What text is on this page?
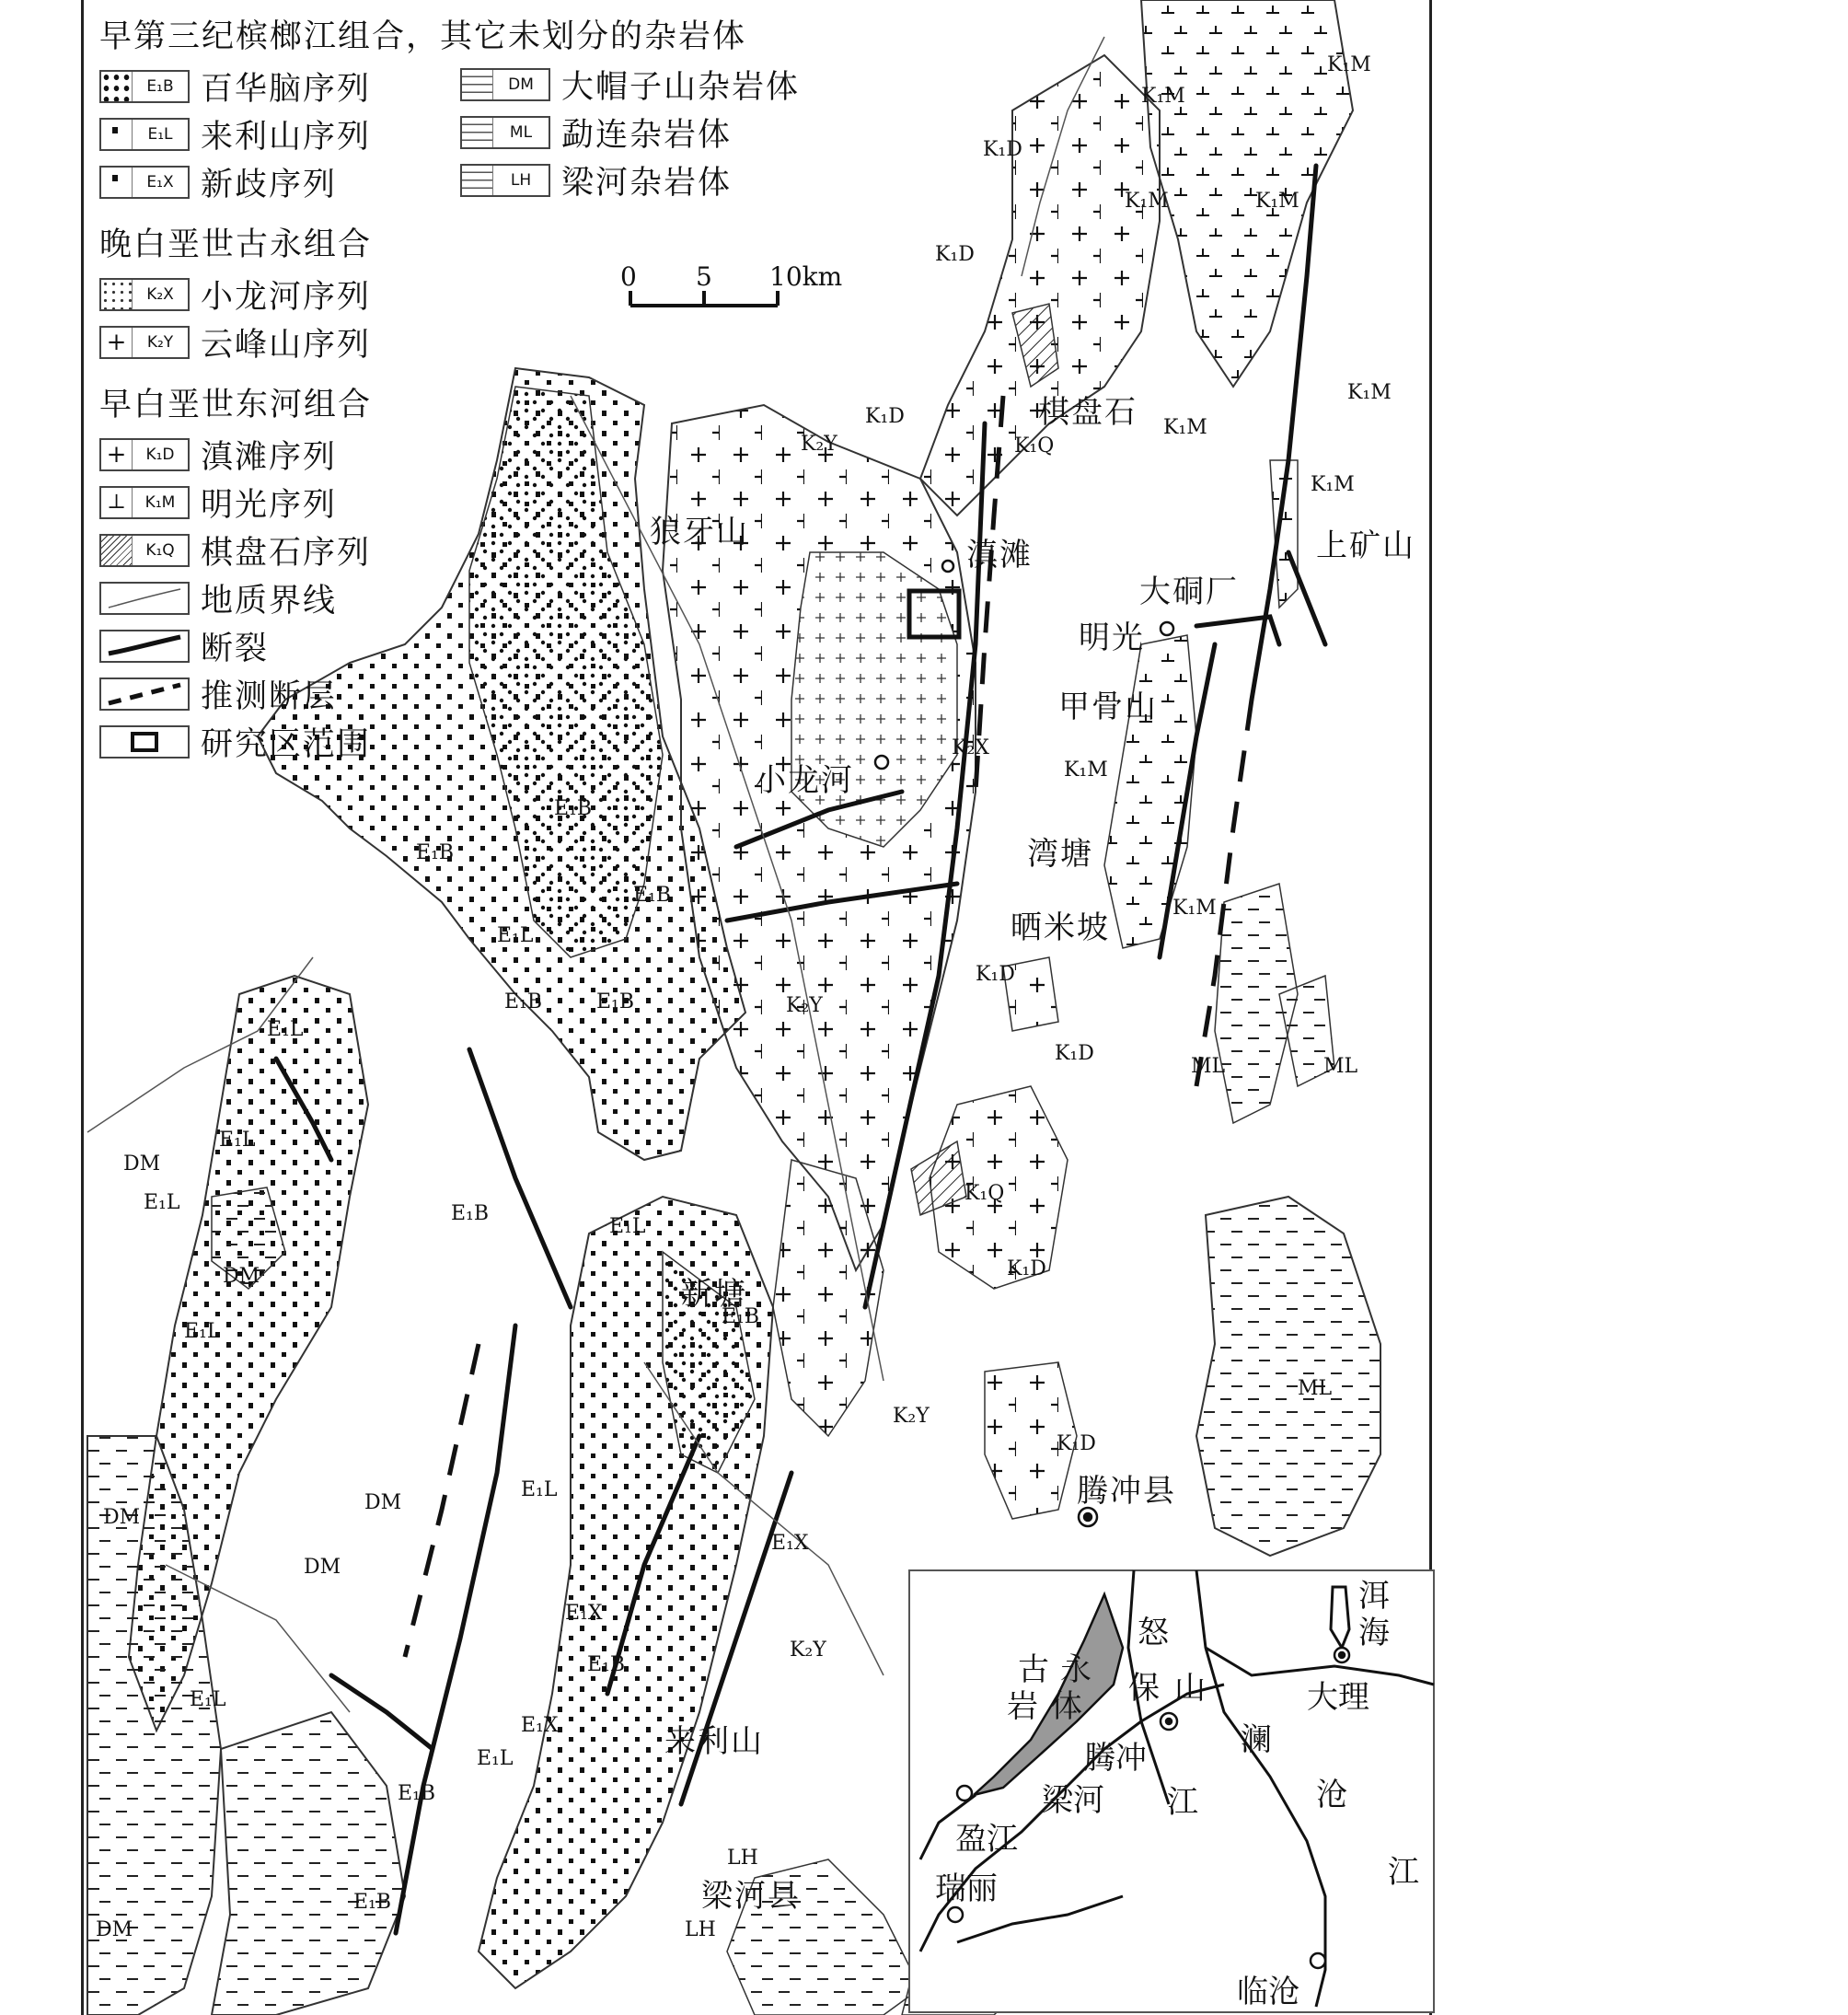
早第三纪槟榔江组合，其它未划分的杂岩体
E₁B 百华脑序列
E₁L 来利山序列
E₁X 新歧序列
晚白垩世古永组合
K₂X 小龙河序列
+	K₂Y 云峰山序列
早白垩世东河组合
+	K₁D 滇滩序列
⊥	K₁M 明光序列
K₁Q 棋盘石序列
地质界线
断裂
推测断层
研究区范围
DM 大帽子山杂岩体
ML 勐连杂岩体
LH 梁河杂岩体
0 5 10km
棋盘石
狼牙山
滇滩	上矿山
大硐厂
明光
甲骨山
小龙河
湾塘
晒米坡
新塘
腾冲县
来利山
梁河县
K₁M
K₁M
K₁D
K₁M	K₁M
K₁D
K₁M
K₁D	K₁M
K₁Q
K₂Y
K₁M
K₂X
K₁M
K₁M
K₁D
K₁D
ML	ML
K₁Q
K₁D
ML
K₂Y
K₁D
K₂Y
E₁B
E₁B
E₁B
E₁L
E₁B	E₁B
E₁L
E₁L
DM
E₁L	E₁B
DM
E₁L
E₁B
E₁L
DM
E₁L
DM
DM
E₁X
E₁X
K₂Y
E₁B
E₁L
E₁X
E₁L
E₁B
LH
E₁B
LH
DM
古 永
岩 体
怒
保 山
腾冲
梁河
盈江
江
瑞丽
澜
沧
江
临沧
大理
洱
海
